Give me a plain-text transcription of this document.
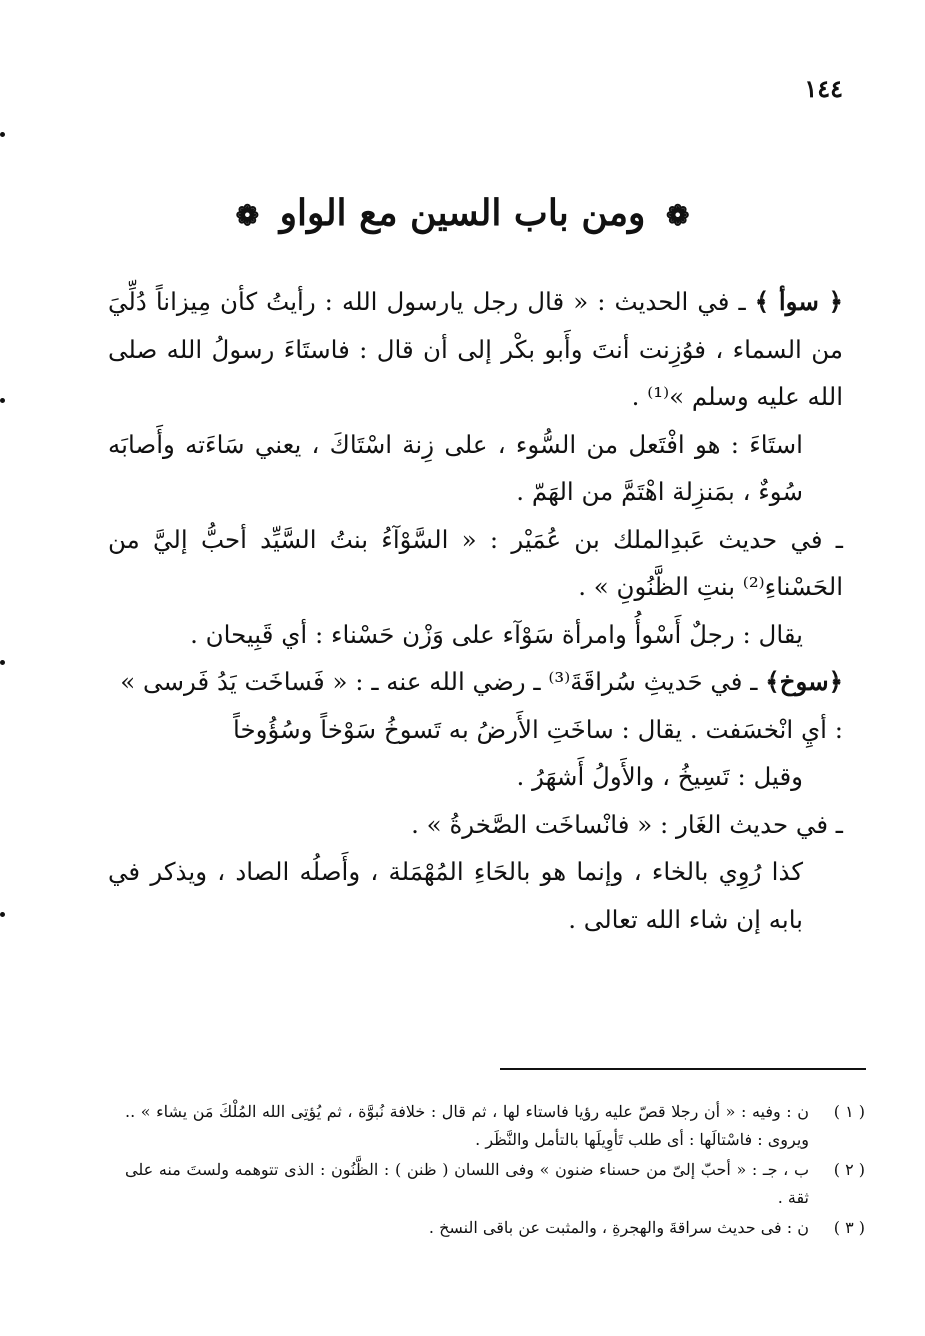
١٤٤
❁ ومن باب السين مع الواو ❁

﴿ سوأ ﴾ ـ في الحديث : « قال رجل يارسول الله : رأيتُ كأن مِيزاناً دُلِّيَ من السماء ، فوُزِنت أنتَ وأَبو بكْر إلى أن قال : فاستَاءَ رسولُ الله صلى الله عليه وسلم »⁽¹⁾ .

استَاءَ : هو افْتَعل من السُّوء ، على زِنة اسْتَاكَ ، يعني سَاءَته وأَصابَه سُوءٌ ، بمَنزِلة اهْتَمَّ من الهَمّ .

ـ في حديث عَبدِالملك بن عُمَيْر : « السَّوْآءُ بنتُ السَّيِّد أحبُّ إليَّ من الحَسْناءِ⁽²⁾ بنتِ الظَّنُونِ » .

يقال : رجلٌ أَسْوأُ وامرأة سَوْآء على وَزْن حَسْناء : أي قَبِيحان .

﴿سوخ﴾ ـ في حَديثِ سُراقَةَ⁽³⁾ ـ رضي الله عنه ـ : « فَساخَت يَدُ فَرسى »

: أيِ انْخسَفت . يقال : ساخَتِ الأَرضُ به تَسوخُ سَوْخاً وسُؤُوخاً

وقيل : تَسِيخُ ، والأَولُ أَشهَرُ .

ـ في حديث الغَار : « فانْساخَت الصَّخرةُ » .

كذا رُوِي بالخاء ، وإنما هو بالحَاءِ المُهْمَلة ، وأَصلُه الصاد ، ويذكر في بابه إن شاء الله تعالى .

( ١ )
ن : وفيه : « أن رجلا قصّ عليه رؤيا فاستاء لها ، ثم قال : خلافة نُبوَّة ، ثم يُؤتِى الله المُلْكَ مَن يشاء » .. ويروى : فاسْتالَها : أى طلب تَأوِيلَها بالتأمل والنَّظَر .
( ٢ )
ب ، جـ : « أحبّ إلىّ من حسناء ضنون » وفى اللسان ( ظنن ) : الظَّنُون : الذى تتوهمه ولستَ منه على ثقة .
( ٣ )
ن : فى حديث سراقةَ والهجرةِ ، والمثبت عن باقى النسخ .
